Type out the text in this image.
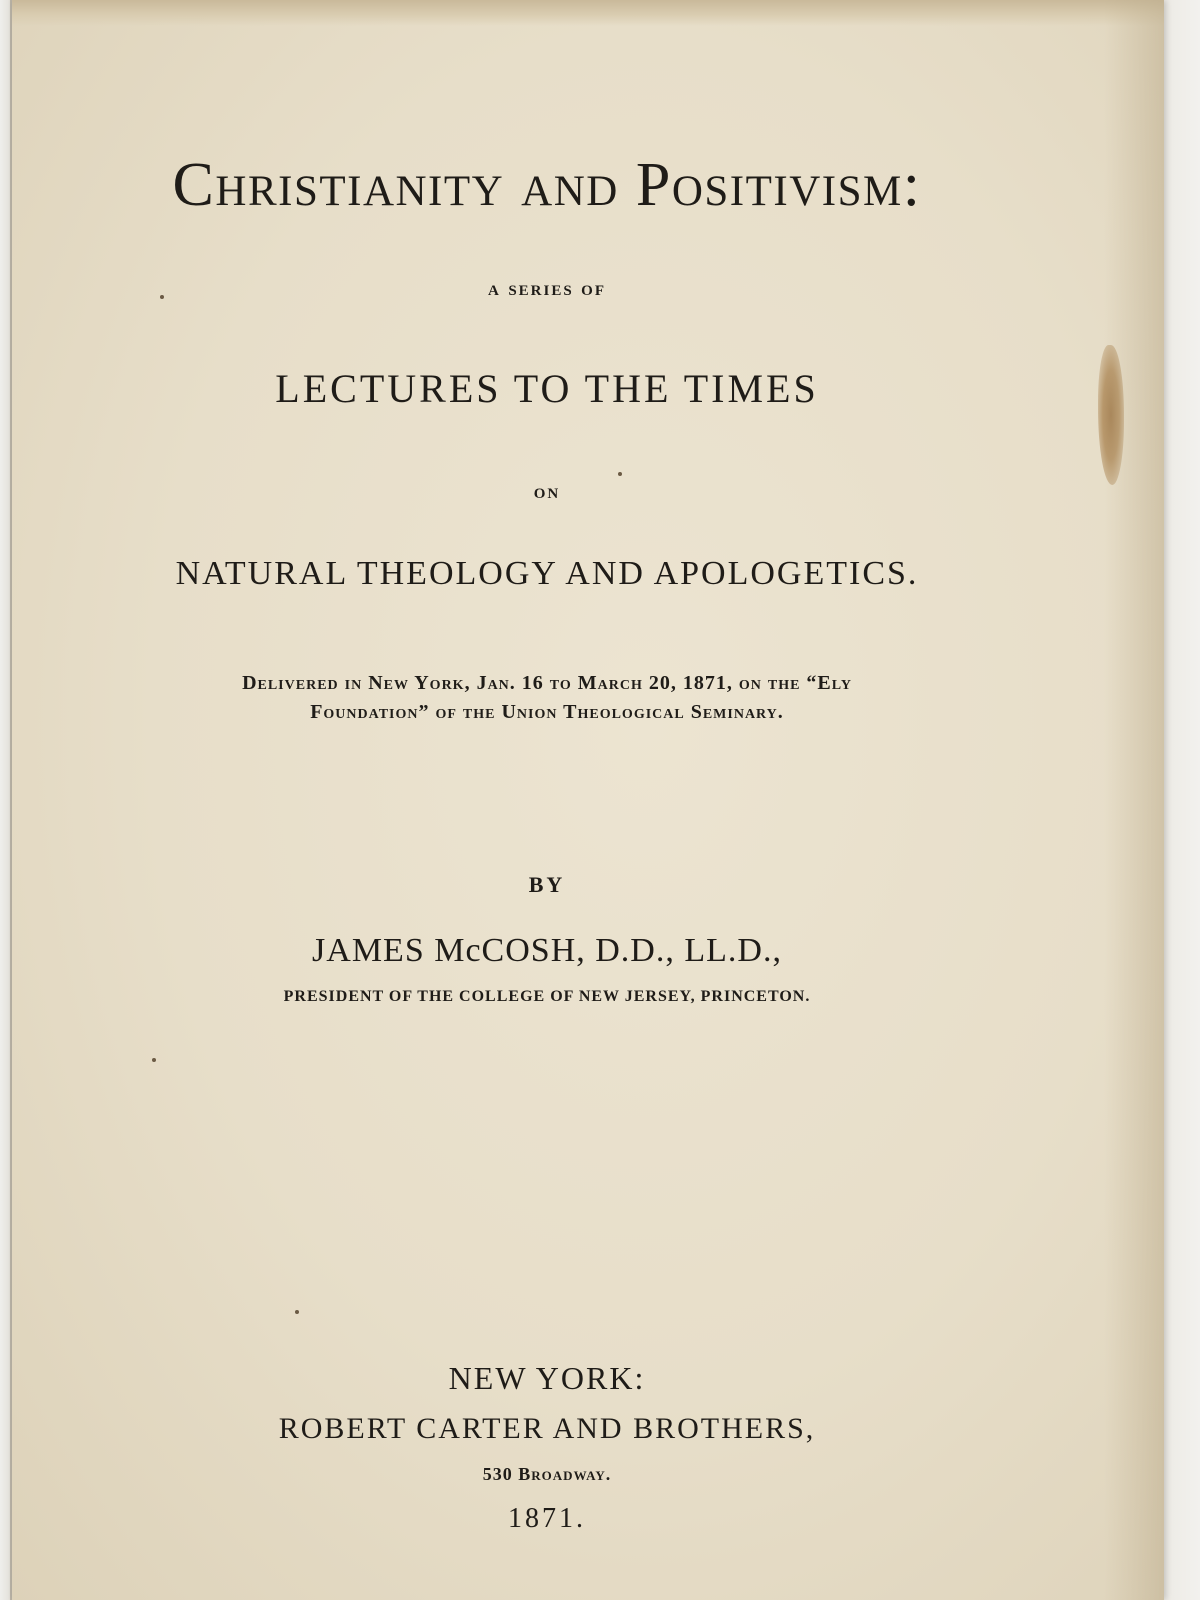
Christianity and Positivism:
a series of
LECTURES TO THE TIMES
on
NATURAL THEOLOGY AND APOLOGETICS.
Delivered in New York, Jan. 16 to March 20, 1871, on the “Ely
Foundation” of the Union Theological Seminary.
BY
JAMES McCOSH, D.D., LL.D.,
PRESIDENT OF THE COLLEGE OF NEW JERSEY, PRINCETON.
NEW YORK:
ROBERT CARTER AND BROTHERS,
530 Broadway.
1871.
